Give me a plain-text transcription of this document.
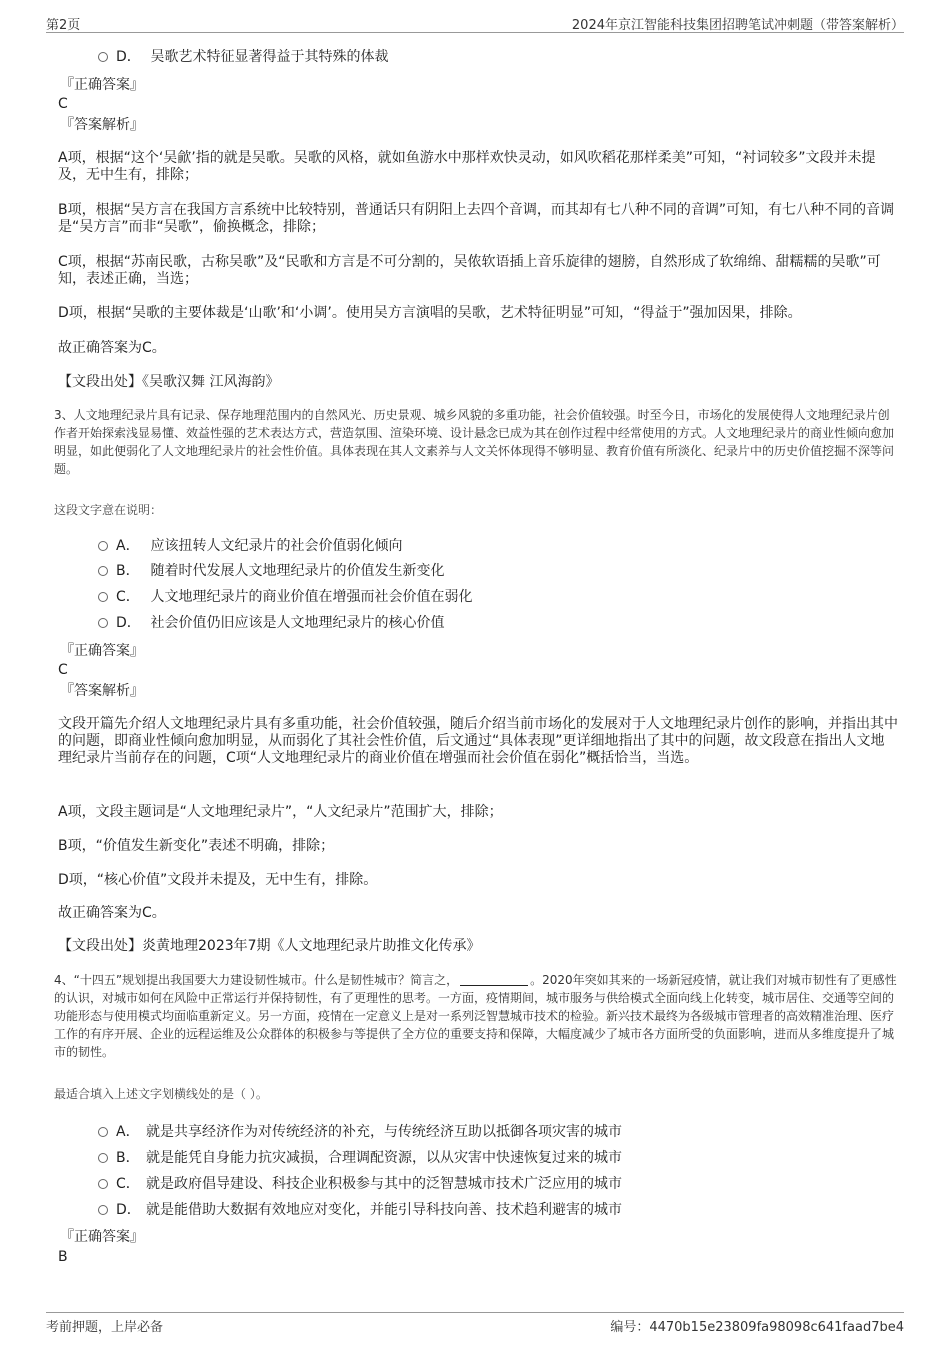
第2页	2024年京江智能科技集团招聘笔试冲刺题（带答案解析）
D． 吴歌艺术特征显著得益于其特殊的体裁
『正确答案』
C
『答案解析』
A项，根据“这个‘吴歈’指的就是吴歌。吴歌的风格，就如鱼游水中那样欢快灵动，如风吹稻花那样柔美”可知，“衬词较多”文段并未提及，无中生有，排除；
B项，根据“吴方言在我国方言系统中比较特别，普通话只有阴阳上去四个音调，而其却有七八种不同的音调”可知，有七八种不同的音调是“吴方言”而非“吴歌”，偷换概念，排除；
C项，根据“苏南民歌，古称吴歌”及“民歌和方言是不可分割的，吴侬软语插上音乐旋律的翅膀，自然形成了软绵绵、甜糯糯的吴歌”可知，表述正确，当选；
D项，根据“吴歌的主要体裁是‘山歌’和‘小调’。使用吴方言演唱的吴歌，艺术特征明显”可知，“得益于”强加因果，排除。
故正确答案为C。
【文段出处】《吴歌汉舞 江风海韵》
3、人文地理纪录片具有记录、保存地理范围内的自然风光、历史景观、城乡风貌的多重功能，社会价值较强。时至今日，市场化的发展使得人文地理纪录片创作者开始探索浅显易懂、效益性强的艺术表达方式，营造氛围、渲染环境、设计悬念已成为其在创作过程中经常使用的方式。人文地理纪录片的商业性倾向愈加明显，如此便弱化了人文地理纪录片的社会性价值。具体表现在其人文素养与人文关怀体现得不够明显、教育价值有所淡化、纪录片中的历史价值挖掘不深等问题。
这段文字意在说明：
A． 应该扭转人文纪录片的社会价值弱化倾向
B． 随着时代发展人文地理纪录片的价值发生新变化
C． 人文地理纪录片的商业价值在增强而社会价值在弱化
D． 社会价值仍旧应该是人文地理纪录片的核心价值
『正确答案』
C
『答案解析』
文段开篇先介绍人文地理纪录片具有多重功能，社会价值较强，随后介绍当前市场化的发展对于人文地理纪录片创作的影响，并指出其中的问题，即商业性倾向愈加明显，从而弱化了其社会性价值，后文通过“具体表现”更详细地指出了其中的问题，故文段意在指出人文地理纪录片当前存在的问题，C项“人文地理纪录片的商业价值在增强而社会价值在弱化”概括恰当，当选。
A项，文段主题词是“人文地理纪录片”，“人文纪录片”范围扩大，排除；
B项，“价值发生新变化”表述不明确，排除；
D项，“核心价值”文段并未提及，无中生有，排除。
故正确答案为C。
【文段出处】炎黄地理2023年7期《人文地理纪录片助推文化传承》
4、“十四五”规划提出我国要大力建设韧性城市。什么是韧性城市？简言之，	。2020年突如其来的一场新冠疫情，就让我们对城市韧性有了更感性的认识，对城市如何在风险中正常运行并保持韧性，有了更理性的思考。一方面，疫情期间，城市服务与供给模式全面向线上化转变，城市居住、交通等空间的功能形态与使用模式均面临重新定义。另一方面，疫情在一定意义上是对一系列泛智慧城市技术的检验。新兴技术最终为各级城市管理者的高效精准治理、医疗工作的有序开展、企业的远程运维及公众群体的积极参与等提供了全方位的重要支持和保障，大幅度减少了城市各方面所受的负面影响，进而从多维度提升了城市的韧性。
最适合填入上述文字划横线处的是（ ）。
A． 就是共享经济作为对传统经济的补充，与传统经济互助以抵御各项灾害的城市
B． 就是能凭自身能力抗灾减损，合理调配资源，以从灾害中快速恢复过来的城市
C． 就是政府倡导建设、科技企业积极参与其中的泛智慧城市技术广泛应用的城市
D． 就是能借助大数据有效地应对变化，并能引导科技向善、技术趋利避害的城市
『正确答案』
B
考前押题，上岸必备	编号：4470b15e23809fa98098c641faad7be4
